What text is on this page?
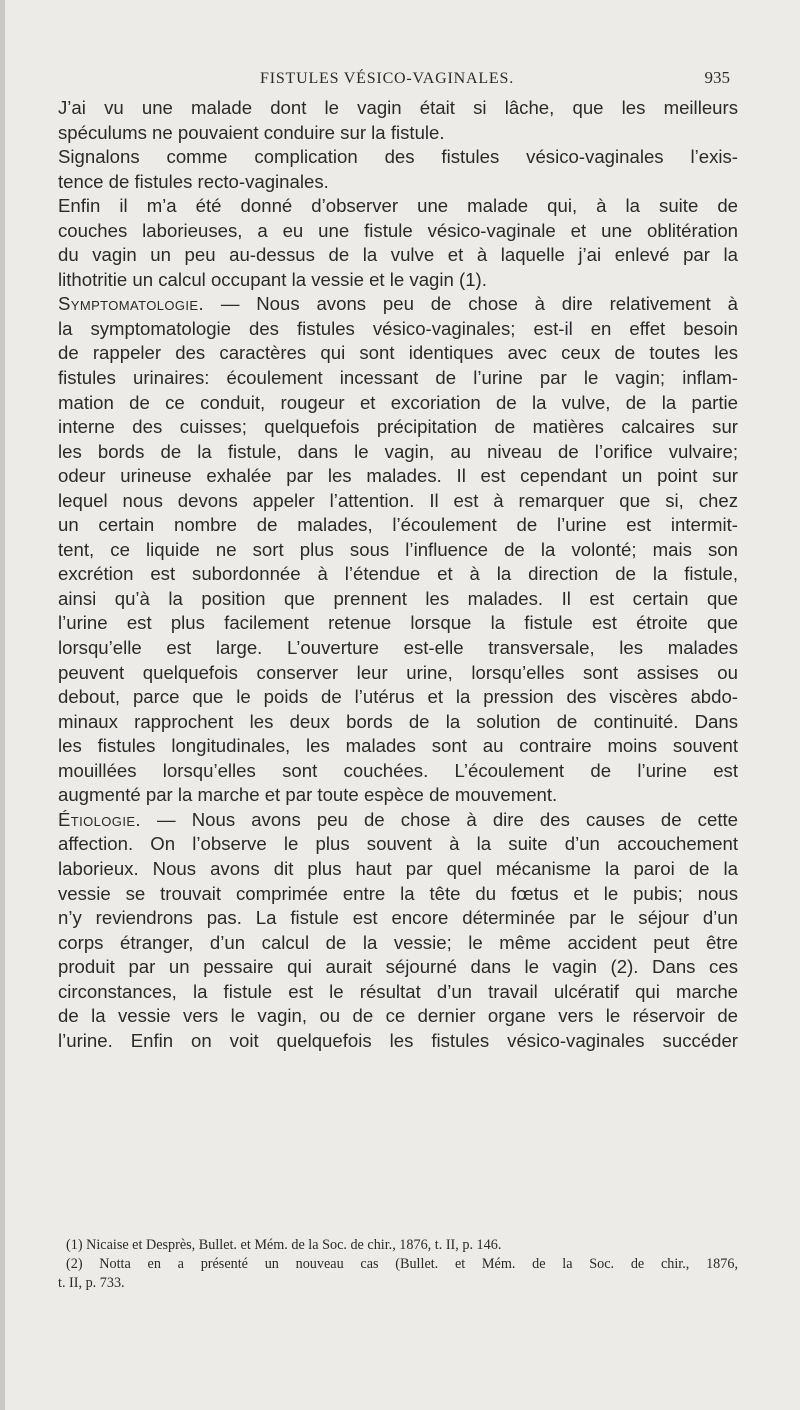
FISTULES VÉSICO-VAGINALES.	935
J’ai vu une malade dont le vagin était si lâche, que les meilleurs
spéculums ne pouvaient conduire sur la fistule.
Signalons comme complication des fistules vésico-vaginales l’exis-
tence de fistules recto-vaginales.
Enfin il m’a été donné d’observer une malade qui, à la suite de
couches laborieuses, a eu une fistule vésico-vaginale et une oblitération
du vagin un peu au-dessus de la vulve et à laquelle j’ai enlevé par la
lithotritie un calcul occupant la vessie et le vagin (1).
Symptomatologie. — Nous avons peu de chose à dire relativement à
la symptomatologie des fistules vésico-vaginales; est-il en effet besoin
de rappeler des caractères qui sont identiques avec ceux de toutes les
fistules urinaires: écoulement incessant de l’urine par le vagin; inflam-
mation de ce conduit, rougeur et excoriation de la vulve, de la partie
interne des cuisses; quelquefois précipitation de matières calcaires sur
les bords de la fistule, dans le vagin, au niveau de l’orifice vulvaire;
odeur urineuse exhalée par les malades. Il est cependant un point sur
lequel nous devons appeler l’attention. Il est à remarquer que si, chez
un certain nombre de malades, l’écoulement de l’urine est intermit-
tent, ce liquide ne sort plus sous l’influence de la volonté; mais son
excrétion est subordonnée à l’étendue et à la direction de la fistule,
ainsi qu’à la position que prennent les malades. Il est certain que
l’urine est plus facilement retenue lorsque la fistule est étroite que
lorsqu’elle est large. L’ouverture est-elle transversale, les malades
peuvent quelquefois conserver leur urine, lorsqu’elles sont assises ou
debout, parce que le poids de l’utérus et la pression des viscères abdo-
minaux rapprochent les deux bords de la solution de continuité. Dans
les fistules longitudinales, les malades sont au contraire moins souvent
mouillées lorsqu’elles sont couchées. L’écoulement de l’urine est
augmenté par la marche et par toute espèce de mouvement.
Étiologie. — Nous avons peu de chose à dire des causes de cette
affection. On l’observe le plus souvent à la suite d’un accouchement
laborieux. Nous avons dit plus haut par quel mécanisme la paroi de la
vessie se trouvait comprimée entre la tête du fœtus et le pubis; nous
n’y reviendrons pas. La fistule est encore déterminée par le séjour d’un
corps étranger, d’un calcul de la vessie; le même accident peut être
produit par un pessaire qui aurait séjourné dans le vagin (2). Dans ces
circonstances, la fistule est le résultat d’un travail ulcératif qui marche
de la vessie vers le vagin, ou de ce dernier organe vers le réservoir de
l’urine. Enfin on voit quelquefois les fistules vésico-vaginales succéder
(1) Nicaise et Desprès, Bullet. et Mém. de la Soc. de chir., 1876, t. II, p. 146.
(2) Notta en a présenté un nouveau cas (Bullet. et Mém. de la Soc. de chir., 1876,
t. II, p. 733.
